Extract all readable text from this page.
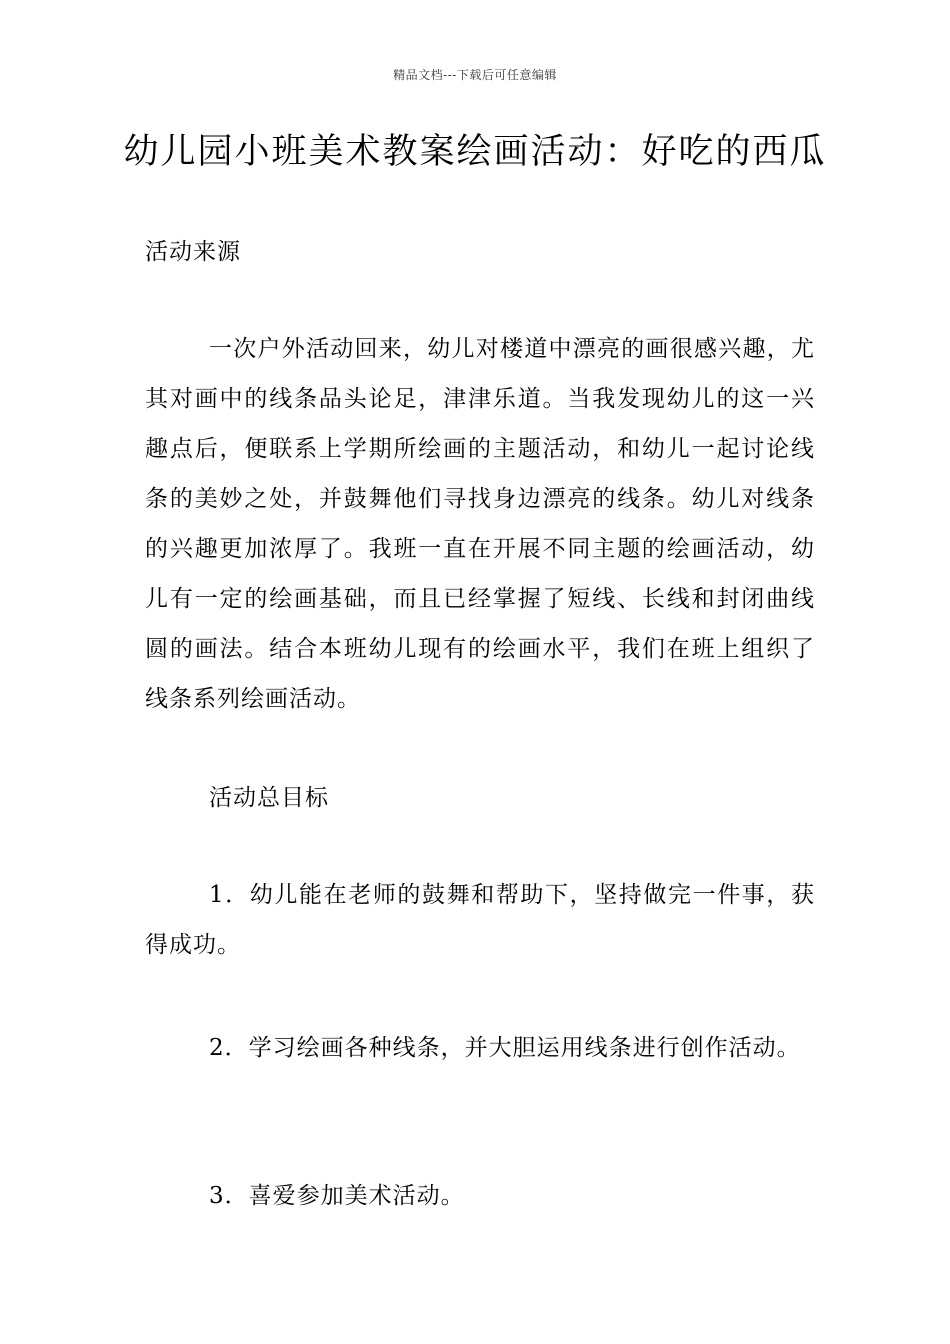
精品文档---下载后可任意编辑
幼儿园小班美术教案绘画活动：好吃的西瓜

活动来源

一次户外活动回来，幼儿对楼道中漂亮的画很感兴趣，尤其对画中的线条品头论足，津津乐道。当我发现幼儿的这一兴趣点后，便联系上学期所绘画的主题活动，和幼儿一起讨论线条的美妙之处，并鼓舞他们寻找身边漂亮的线条。幼儿对线条的兴趣更加浓厚了。我班一直在开展不同主题的绘画活动，幼儿有一定的绘画基础，而且已经掌握了短线、长线和封闭曲线圆的画法。结合本班幼儿现有的绘画水平，我们在班上组织了线条系列绘画活动。

活动总目标

1．幼儿能在老师的鼓舞和帮助下，坚持做完一件事，获得成功。

2．学习绘画各种线条，并大胆运用线条进行创作活动。

3．喜爱参加美术活动。
